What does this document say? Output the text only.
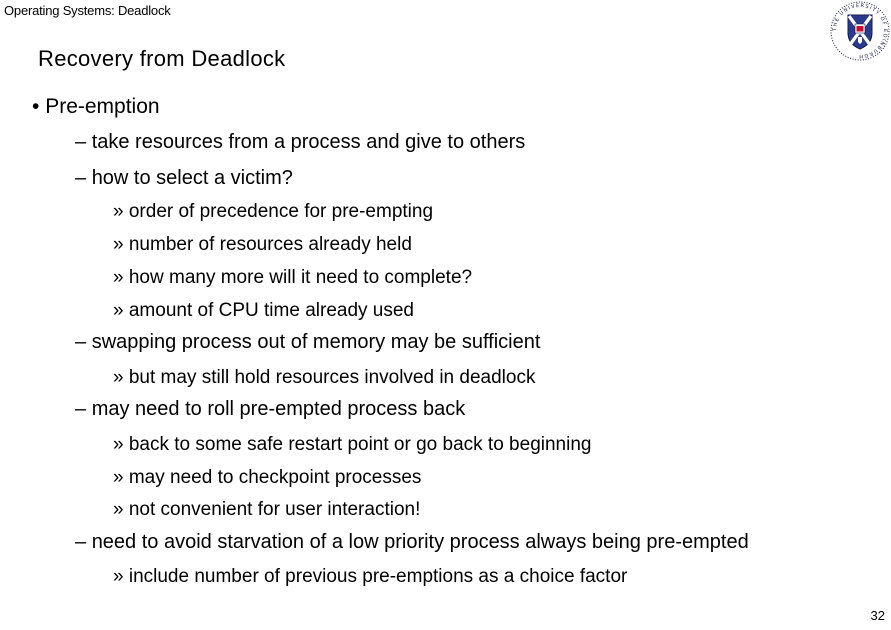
Operating Systems: Deadlock
THE UNIVERSITY OF EDINBURGH
Recovery from Deadlock
• Pre-emption
– take resources from a process and give to others
– how to select a victim?
» order of precedence for pre-empting
» number of resources already held
» how many more will it need to complete?
» amount of CPU time already used
– swapping process out of memory may be sufficient
» but may still hold resources involved in deadlock
– may need to roll pre-empted process back
» back to some safe restart point or go back to beginning
» may need to checkpoint processes
» not convenient for user interaction!
– need to avoid starvation of a low priority process always being pre-empted
» include number of previous pre-emptions as a choice factor
32
